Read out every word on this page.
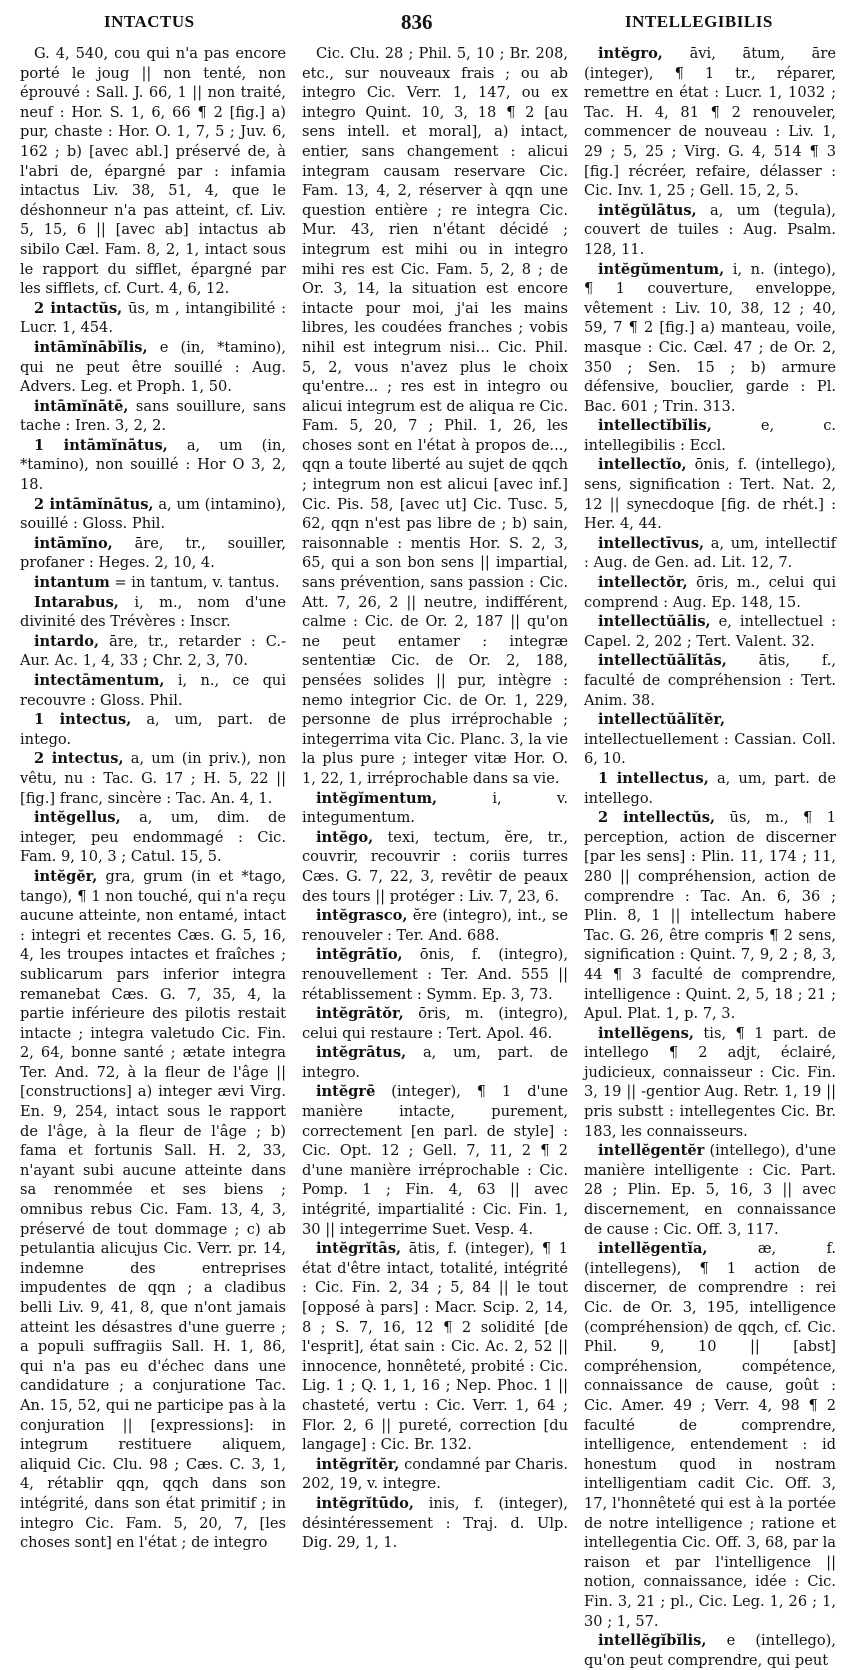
INTACTUS	836	INTELLEGIBILIS

G. 4, 540, cou qui n'a pas encore porté le joug || non tenté, non éprouvé : Sall. J. 66, 1 || non traité, neuf : Hor. S. 1, 6, 66 ¶ 2 [fig.] a) pur, chaste : Hor. O. 1, 7, 5 ; Juv. 6, 162 ; b) [avec abl.] préservé de, à l'abri de, épargné par : infamia intactus Liv. 38, 51, 4, que le déshonneur n'a pas atteint, cf. Liv. 5, 15, 6 || [avec ab] intactus ab sibilo Cæl. Fam. 8, 2, 1, intact sous le rapport du sifflet, épargné par les sifflets, cf. Curt. 4, 6, 12.

2 intactŭs, ūs, m , intangibilité : Lucr. 1, 454.

intāmĭnābĭlis, e (in, *tamino), qui ne peut être souillé : Aug. Advers. Leg. et Proph. 1, 50.

intāmĭnātē, sans souillure, sans tache : Iren. 3, 2, 2.

1 intāmĭnātus, a, um (in, *tamino), non souillé : Hor O 3, 2, 18.

2 intāmĭnātus, a, um (intamino), souillé : Gloss. Phil.

intāmĭno, āre, tr., souiller, profaner : Heges. 2, 10, 4.

intantum = in tantum, v. tantus.

Intarabus, i, m., nom d'une divinité des Trévères : Inscr.

intardo, āre, tr., retarder : C.-Aur. Ac. 1, 4, 33 ; Chr. 2, 3, 70.

intectāmentum, i, n., ce qui recouvre : Gloss. Phil.

1 intectus, a, um, part. de intego.

2 intectus, a, um (in priv.), non vêtu, nu : Tac. G. 17 ; H. 5, 22 || [fig.] franc, sincère : Tac. An. 4, 1.

intĕgellus, a, um, dim. de integer, peu endommagé : Cic. Fam. 9, 10, 3 ; Catul. 15, 5.

intĕgĕr, gra, grum (in et *tago, tango), ¶ 1 non touché, qui n'a reçu aucune atteinte, non entamé, intact : integri et recentes Cæs. G. 5, 16, 4, les troupes intactes et fraîches ; sublicarum pars inferior integra remanebat Cæs. G. 7, 35, 4, la partie inférieure des pilotis restait intacte ; integra valetudo Cic. Fin. 2, 64, bonne santé ; ætate integra Ter. And. 72, à la fleur de l'âge || [constructions] a) integer ævi Virg. En. 9, 254, intact sous le rapport de l'âge, à la fleur de l'âge ; b) fama et fortunis Sall. H. 2, 33, n'ayant subi aucune atteinte dans sa renommée et ses biens ; omnibus rebus Cic. Fam. 13, 4, 3, préservé de tout dommage ; c) ab petulantia alicujus Cic. Verr. pr. 14, indemne des entreprises impudentes de qqn ; a cladibus belli Liv. 9, 41, 8, que n'ont jamais atteint les désastres d'une guerre ; a populi suffragiis Sall. H. 1, 86, qui n'a pas eu d'échec dans une candidature ; a conjuratione Tac. An. 15, 52, qui ne participe pas à la conjuration || [expressions]: in integrum restituere aliquem, aliquid Cic. Clu. 98 ; Cæs. C. 3, 1, 4, rétablir qqn, qqch dans son intégrité, dans son état primitif ; in integro Cic. Fam. 5, 20, 7, [les choses sont] en l'état ; de integro

Cic. Clu. 28 ; Phil. 5, 10 ; Br. 208, etc., sur nouveaux frais ; ou ab integro Cic. Verr. 1, 147, ou ex integro Quint. 10, 3, 18 ¶ 2 [au sens intell. et moral], a) intact, entier, sans changement : alicui integram causam reservare Cic. Fam. 13, 4, 2, réserver à qqn une question entière ; re integra Cic. Mur. 43, rien n'étant décidé ; integrum est mihi ou in integro mihi res est Cic. Fam. 5, 2, 8 ; de Or. 3, 14, la situation est encore intacte pour moi, j'ai les mains libres, les coudées franches ; vobis nihil est integrum nisi... Cic. Phil. 5, 2, vous n'avez plus le choix qu'entre... ; res est in integro ou alicui integrum est de aliqua re Cic. Fam. 5, 20, 7 ; Phil. 1, 26, les choses sont en l'état à propos de..., qqn a toute liberté au sujet de qqch ; integrum non est alicui [avec inf.] Cic. Pis. 58, [avec ut] Cic. Tusc. 5, 62, qqn n'est pas libre de ; b) sain, raisonnable : mentis Hor. S. 2, 3, 65, qui a son bon sens || impartial, sans prévention, sans passion : Cic. Att. 7, 26, 2 || neutre, indifférent, calme : Cic. de Or. 2, 187 || qu'on ne peut entamer : integræ sententiæ Cic. de Or. 2, 188, pensées solides || pur, intègre : nemo integrior Cic. de Or. 1, 229, personne de plus irréprochable ; integerrima vita Cic. Planc. 3, la vie la plus pure ; integer vitæ Hor. O. 1, 22, 1, irréprochable dans sa vie.

intĕgĭmentum,	i, v. integumentum.

intĕgo, texi, tectum, ĕre, tr., couvrir, recouvrir : coriis turres Cæs. G. 7, 22, 3, revêtir de peaux des tours || protéger : Liv. 7, 23, 6.

intĕgrasco, ĕre (integro), int., se renouveler : Ter. And. 688.

intĕgrātĭo, ōnis, f. (integro), renouvellement : Ter. And. 555 || rétablissement : Symm. Ep. 3, 73.

intĕgrātŏr, ōris, m. (integro), celui qui restaure : Tert. Apol. 46.

intĕgrātus, a, um, part. de integro.

intĕgrē (integer), ¶ 1 d'une manière intacte, purement, correctement [en parl. de style] : Cic. Opt. 12 ; Gell. 7, 11, 2 ¶ 2 d'une manière irréprochable : Cic. Pomp. 1 ; Fin. 4, 63 || avec intégrité, impartialité : Cic. Fin. 1, 30 || integerrime Suet. Vesp. 4.

intĕgrĭtās, ātis, f. (integer), ¶ 1 état d'être intact, totalité, intégrité : Cic. Fin. 2, 34 ; 5, 84 || le tout [opposé à pars] : Macr. Scip. 2, 14, 8 ; S. 7, 16, 12 ¶ 2 solidité [de l'esprit], état sain : Cic. Ac. 2, 52 || innocence, honnêteté, probité : Cic. Lig. 1 ; Q. 1, 1, 16 ; Nep. Phoc. 1 || chasteté, vertu : Cic. Verr. 1, 64 ; Flor. 2, 6 || pureté, correction [du langage] : Cic. Br. 132.

intĕgrĭtĕr, condamné par Charis. 202, 19, v. integre.

intĕgrĭtūdo, inis, f. (integer), désintéressement : Traj. d. Ulp. Dig. 29, 1, 1.

intĕgro, āvi, ātum, āre (integer), ¶ 1 tr., réparer, remettre en état : Lucr. 1, 1032 ; Tac. H. 4, 81 ¶ 2 renouveler, commencer de nouveau : Liv. 1, 29 ; 5, 25 ; Virg. G. 4, 514 ¶ 3 [fig.] récréer, refaire, délasser : Cic. Inv. 1, 25 ; Gell. 15, 2, 5.

intĕgŭlātus, a, um (tegula), couvert de tuiles : Aug. Psalm. 128, 11.

intĕgŭmentum, i, n. (intego), ¶ 1 couverture, enveloppe, vêtement : Liv. 10, 38, 12 ; 40, 59, 7 ¶ 2 [fig.] a) manteau, voile, masque : Cic. Cæl. 47 ; de Or. 2, 350 ; Sen. 15 ; b) armure défensive, bouclier, garde : Pl. Bac. 601 ; Trin. 313.

intellectĭbĭlis,	e, c. intellegibilis : Eccl.

intellectĭo, ōnis, f. (intellego), sens, signification : Tert. Nat. 2, 12 || synecdoque [fig. de rhét.] : Her. 4, 44.

intellectīvus, a, um, intellectif : Aug. de Gen. ad. Lit. 12, 7.

intellectŏr, ōris, m., celui qui comprend : Aug. Ep. 148, 15.

intellectŭālis, e, intellectuel : Capel. 2, 202 ; Tert. Valent. 32.

intellectŭālĭtās, ātis, f., faculté de compréhension : Tert. Anim. 38.

intellectŭālĭtĕr, intellectuellement : Cassian. Coll. 6, 10.

1 intellectus, a, um, part. de intellego.

2 intellectŭs, ūs, m., ¶ 1 perception, action de discerner [par les sens] : Plin. 11, 174 ; 11, 280 || compréhension, action de comprendre : Tac. An. 6, 36 ; Plin. 8, 1 || intellectum habere Tac. G. 26, être compris ¶ 2 sens, signification : Quint. 7, 9, 2 ; 8, 3, 44 ¶ 3 faculté de comprendre, intelligence : Quint. 2, 5, 18 ; 21 ; Apul. Plat. 1, p. 7, 3.

intellĕgens, tis, ¶ 1 part. de intellego ¶ 2 adjt, éclairé, judicieux, connaisseur : Cic. Fin. 3, 19 || -gentior Aug. Retr. 1, 19 || pris substt : intellegentes Cic. Br. 183, les connaisseurs.

intellĕgentĕr (intellego), d'une manière intelligente : Cic. Part. 28 ; Plin. Ep. 5, 16, 3 || avec discernement, en connaissance de cause : Cic. Off. 3, 117.

intellĕgentĭa,	æ, f. (intellegens), ¶ 1 action de discerner, de comprendre : rei Cic. de Or. 3, 195, intelligence (compréhension) de qqch, cf. Cic. Phil. 9, 10 || [abst] compréhension, compétence, connaissance de cause, goût : Cic. Amer. 49 ; Verr. 4, 98 ¶ 2 faculté de comprendre, intelligence, entendement : id honestum quod in nostram intelligentiam cadit Cic. Off. 3, 17, l'honnêteté qui est à la portée de notre intelligence ; ratione et intellegentia Cic. Off. 3, 68, par la raison et par l'intelligence || notion, connaissance, idée : Cic. Fin. 3, 21 ; pl., Cic. Leg. 1, 26 ; 1, 30 ; 1, 57.

intellĕgĭbĭlis, e (intellego), qu'on peut comprendre, qui peut
